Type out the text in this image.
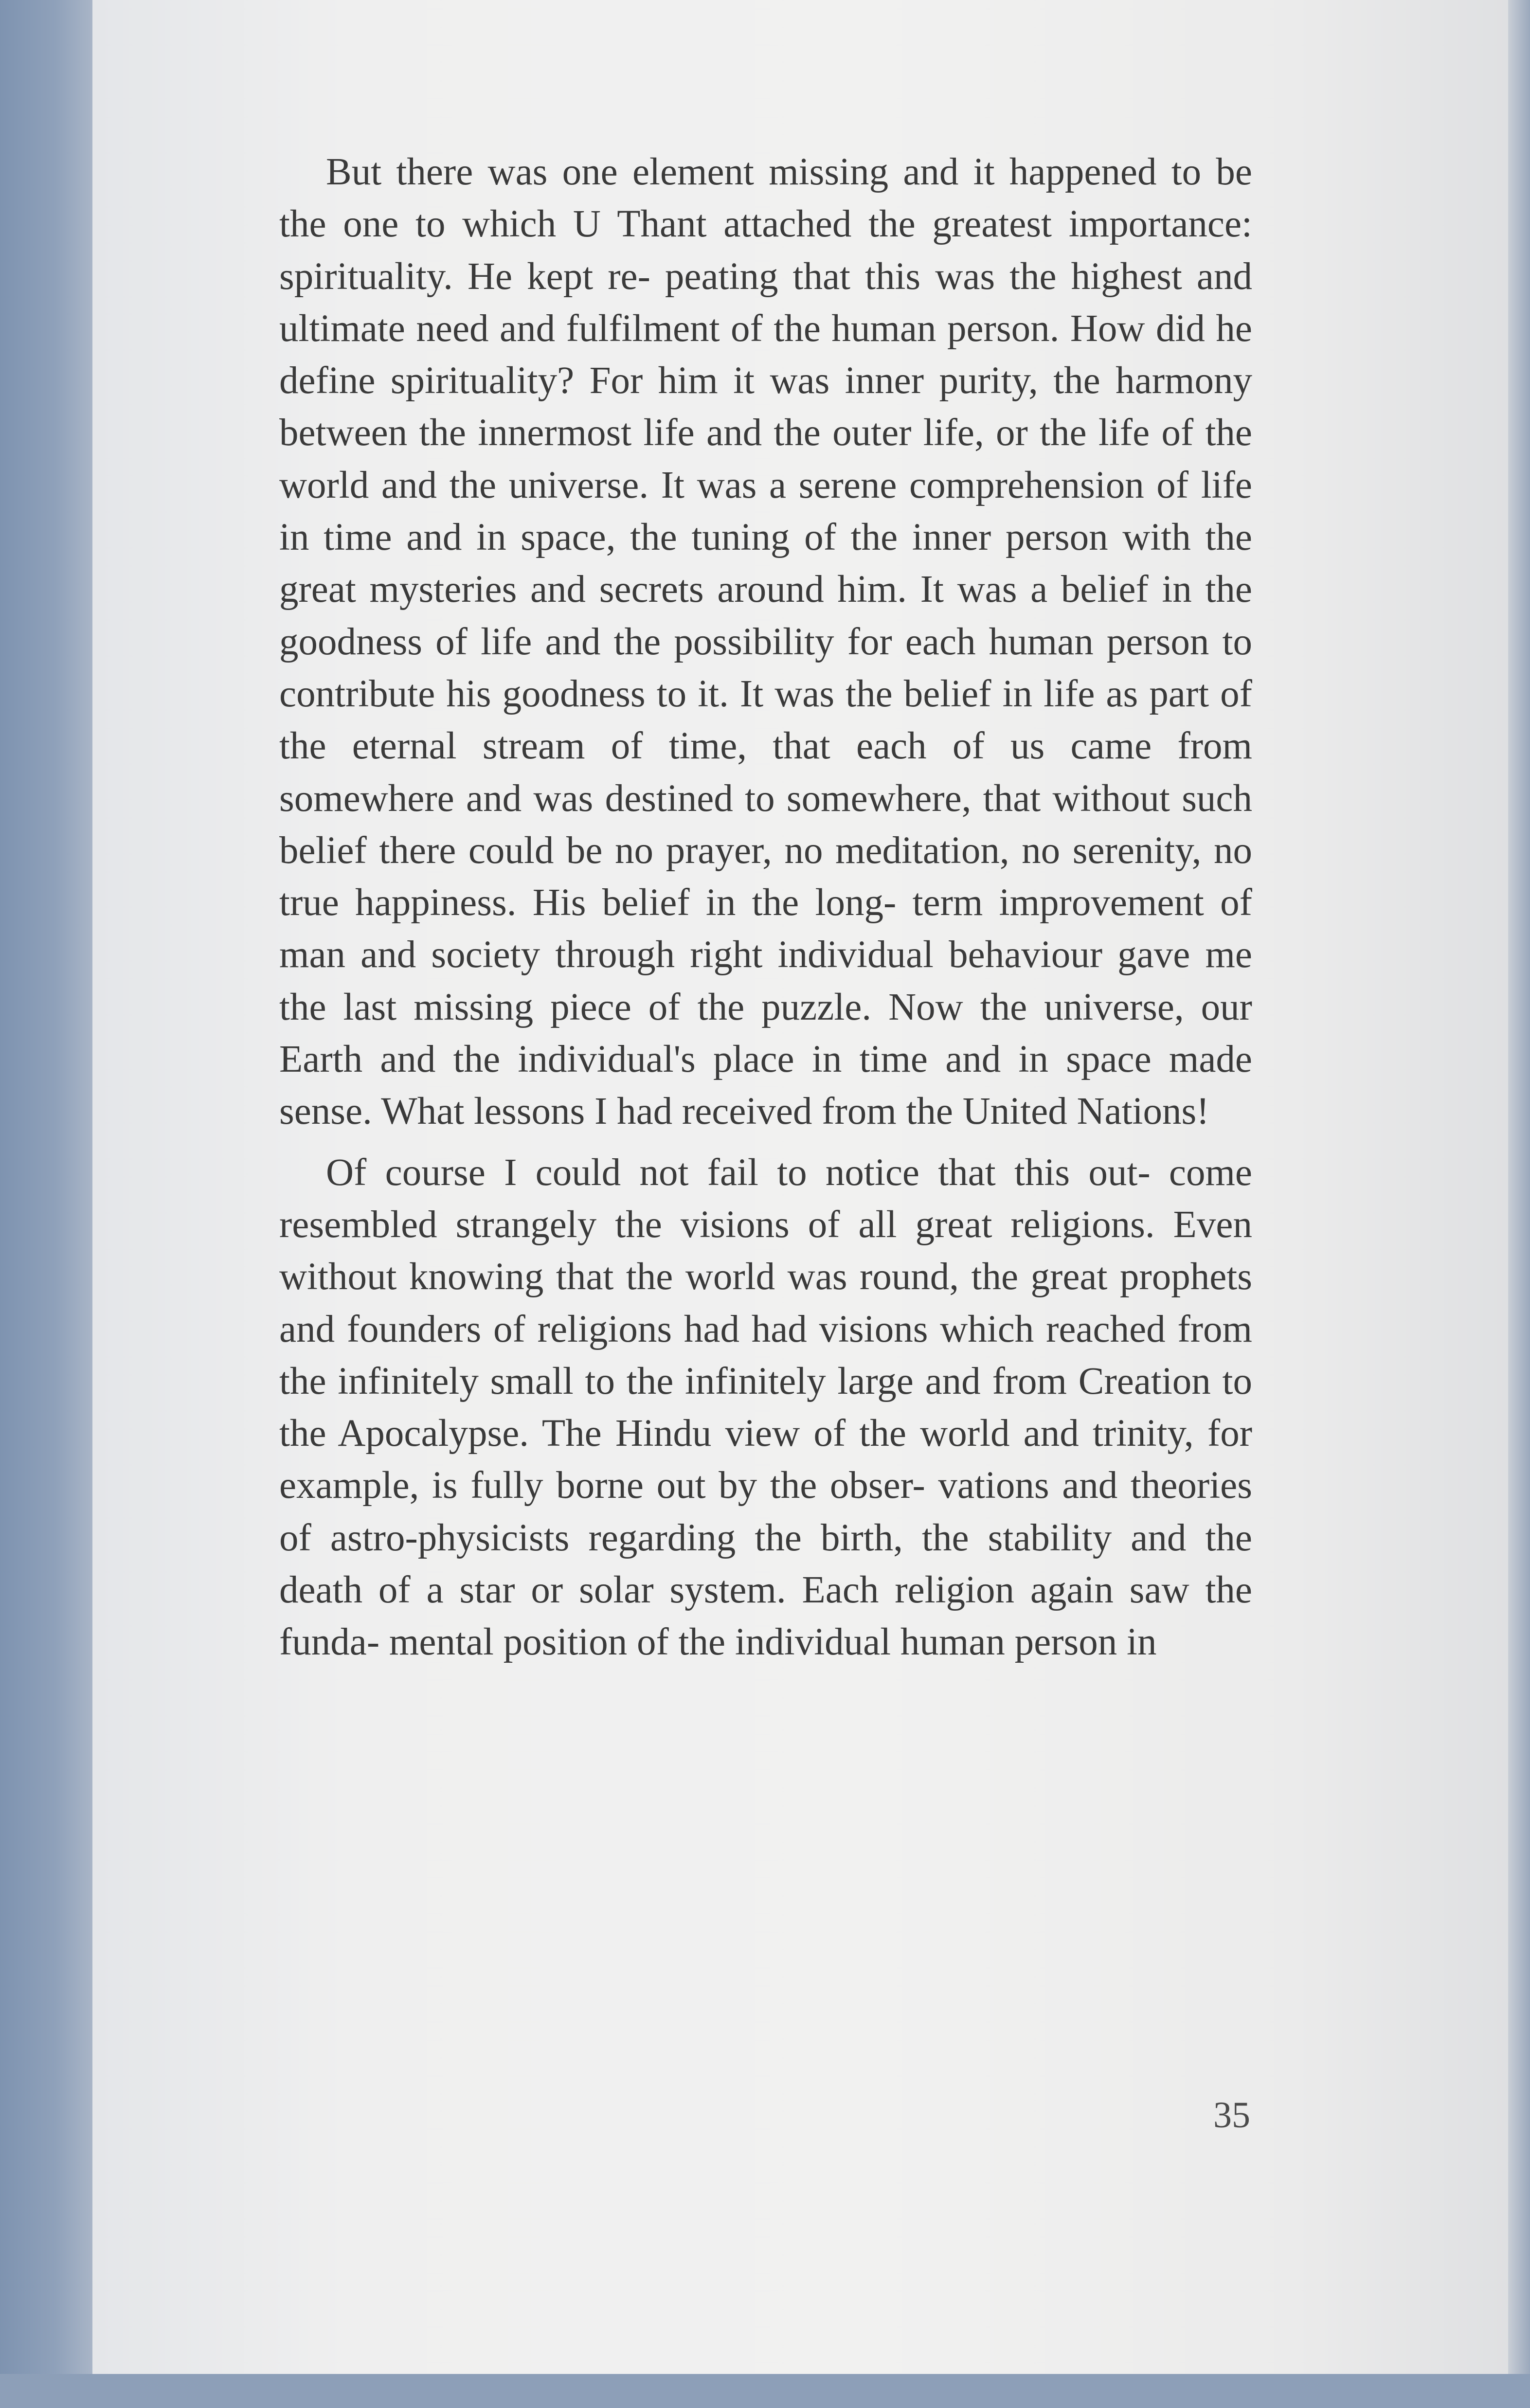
But there was one element missing and it happened to be the one to which U Thant attached the greatest importance: spirituality. He kept re- peating that this was the highest and ultimate need and fulfilment of the human person. How did he define spirituality? For him it was inner purity, the harmony between the innermost life and the outer life, or the life of the world and the universe. It was a serene comprehension of life in time and in space, the tuning of the inner person with the great mysteries and secrets around him. It was a belief in the goodness of life and the possibility for each human person to contribute his goodness to it. It was the belief in life as part of the eternal stream of time, that each of us came from somewhere and was destined to somewhere, that without such belief there could be no prayer, no meditation, no serenity, no true happiness. His belief in the long- term improvement of man and society through right individual behaviour gave me the last missing piece of the puzzle. Now the universe, our Earth and the individual's place in time and in space made sense. What lessons I had received from the United Nations!

Of course I could not fail to notice that this out- come resembled strangely the visions of all great religions. Even without knowing that the world was round, the great prophets and founders of religions had had visions which reached from the infinitely small to the infinitely large and from Creation to the Apocalypse. The Hindu view of the world and trinity, for example, is fully borne out by the obser- vations and theories of astro-physicists regarding the birth, the stability and the death of a star or solar system. Each religion again saw the funda- mental position of the individual human person in

35
